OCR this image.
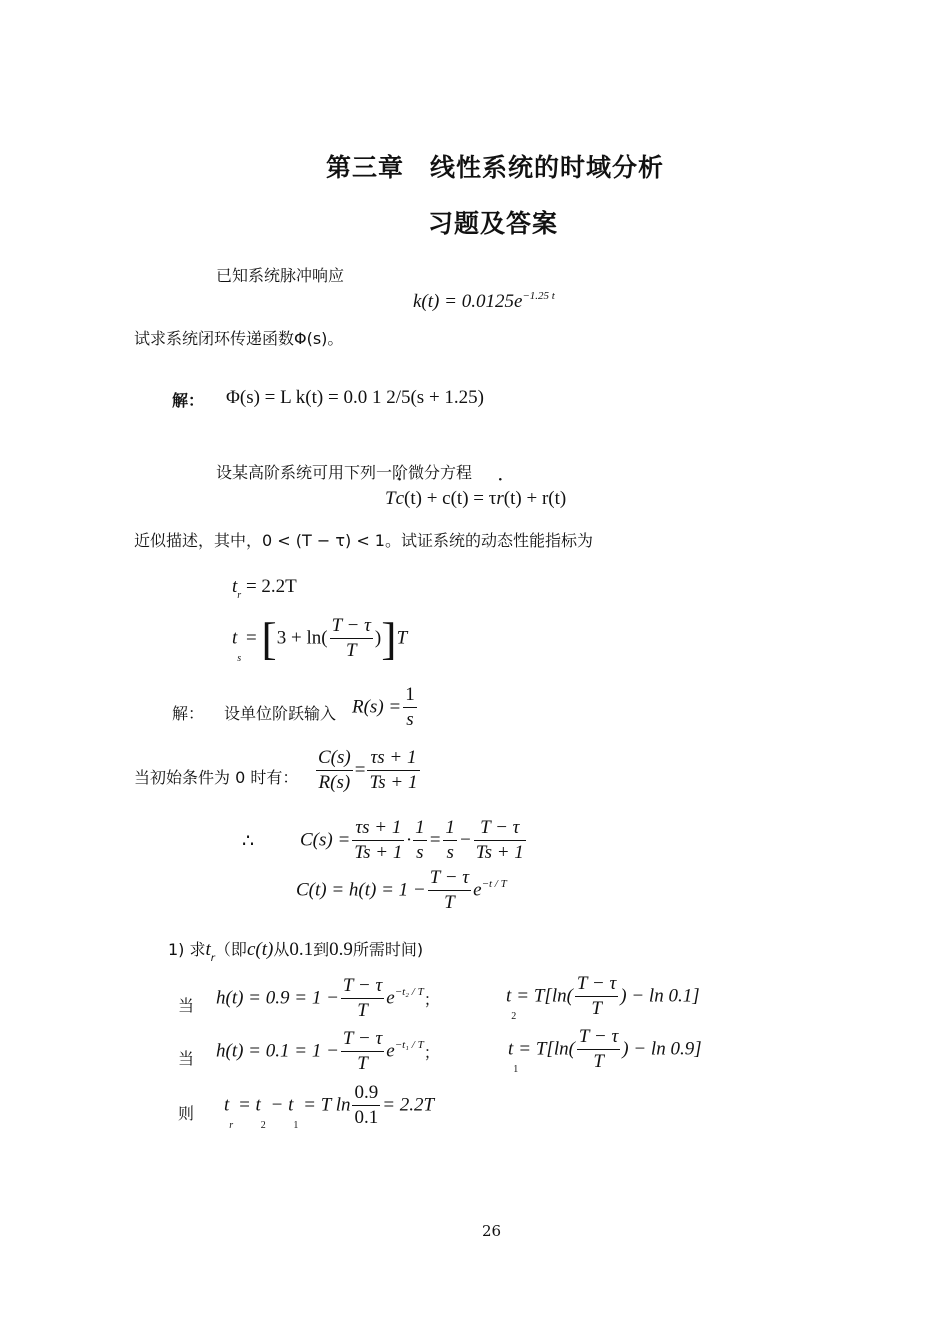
第三章　线性系统的时域分析
习题及答案
已知系统脉冲响应
$k(t) = 0.0125e^{-1.25 t}$
试求系统闭环传递函数Φ(s)。
解： Φ(s) = L k(t) = 0.0 1 2/5(s + 1.25)
设某高阶系统可用下列一阶微分方程
T• c(t) + c(t) = τ• r(t) + r(t)
近似描述，其中，0 < (T − τ) < 1。试证系统的动态性能指标为
$t_r = 2.2T$
$t_s = [3 + \ln( \frac{T - \tau}{T} )]T$
解： 设单位阶跃输入 $R(s) = \frac{1}{s}$
当初始条件为 0 时有： $\frac{C(s)}{R(s)} = \frac{\tau s + 1}{Ts + 1}$
∴ $C(s) = \frac{\tau s + 1}{Ts + 1} \cdot \frac{1}{s} = \frac{1}{s} - \frac{T - \tau}{Ts + 1}$
$C(t) = h(t) = 1 - \frac{T - \tau}{T} e^{-t / T}$
1) 求$t_r$（即c(t)从0.1到0.9所需时间)
当 $h(t) = 0.9 = 1 - \frac{T - \tau}{T} e^{-t_2 / T}$；	$t_2= T[\ln( \frac{T - \tau}{T}$ ) − ln 0.1]
当 $h(t) = 0.1 = 1 - \frac{T - \tau}{T} e^{-t_1 / T}$；	$t_1= T[\ln( \frac{T - \tau}{T}$ ) − ln 0.9]
则 $t_r = t_2 - t_1 = T$ $\ln \frac{0.9}{0.1} = 2.2T$
26
